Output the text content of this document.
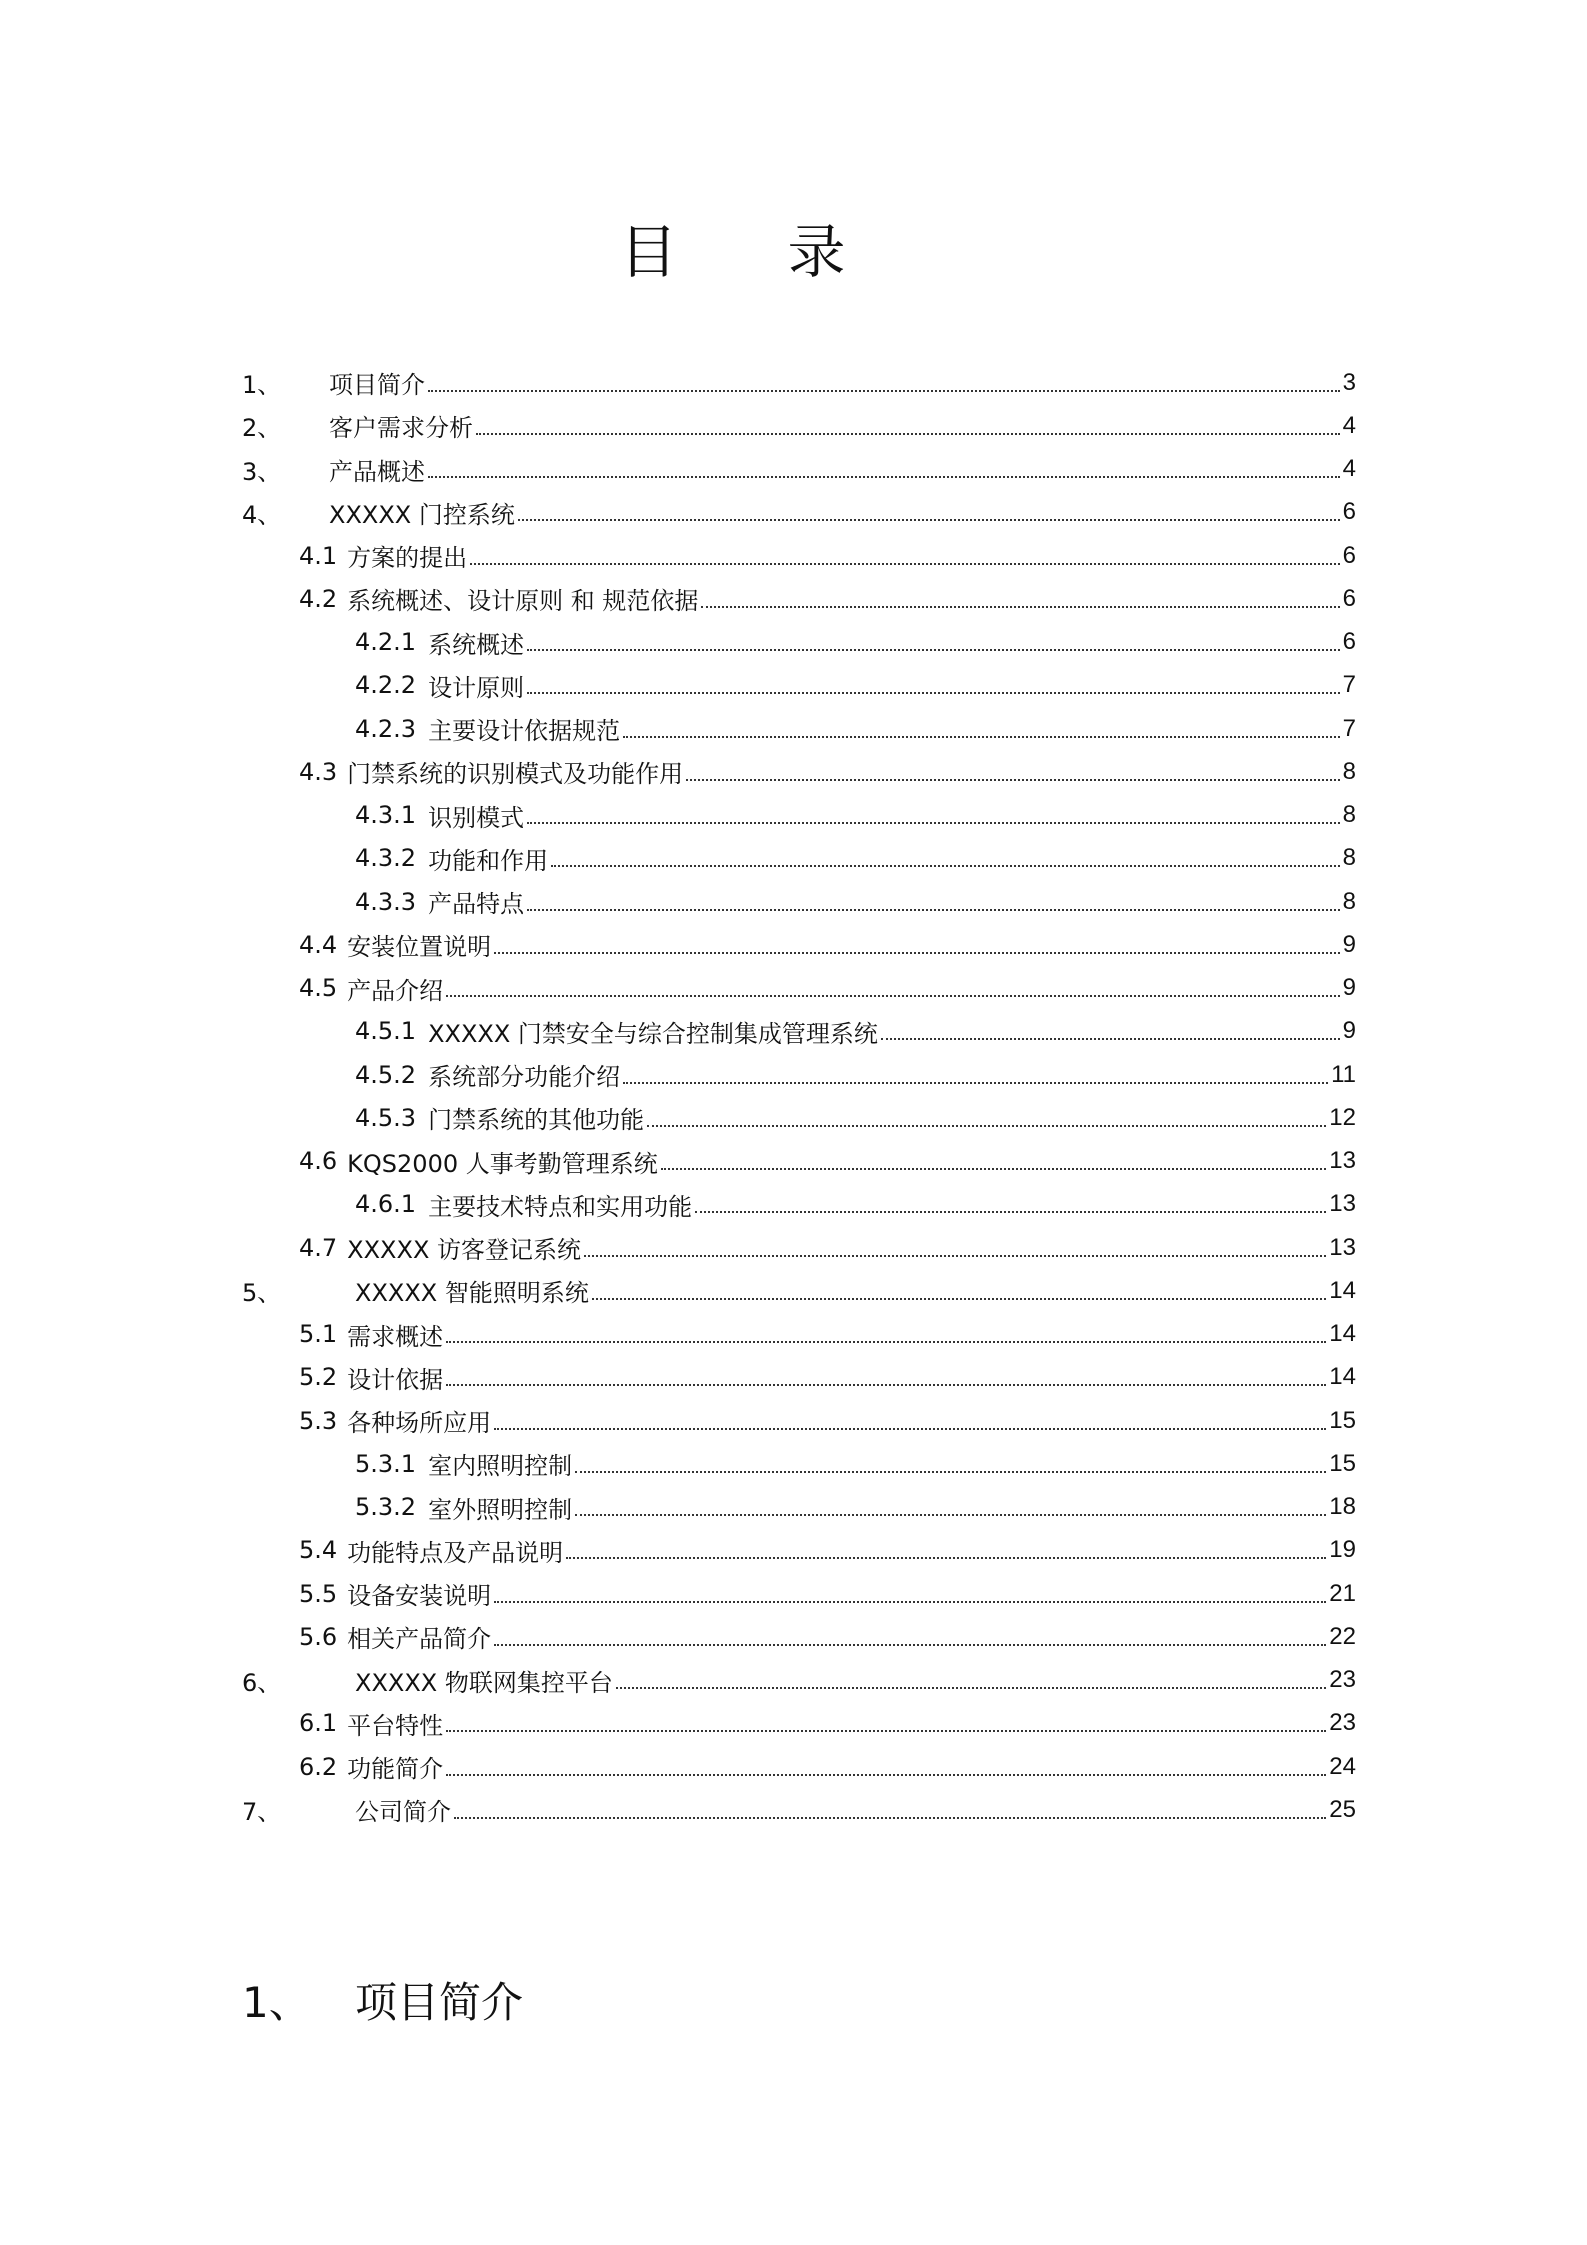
目 录
1、	项目简介	3
2、	客户需求分析	4
3、	产品概述	4
4、	XXXXX 门控系统	6
4.1 方案的提出	6
4.2 系统概述、设计原则 和 规范依据	6
4.2.1 系统概述	6
4.2.2 设计原则	7
4.2.3 主要设计依据规范	7
4.3 门禁系统的识别模式及功能作用	8
4.3.1 识别模式	8
4.3.2 功能和作用	8
4.3.3 产品特点	8
4.4 安装位置说明	9
4.5 产品介绍	9
4.5.1 XXXXX 门禁安全与综合控制集成管理系统	9
4.5.2 系统部分功能介绍	11
4.5.3 门禁系统的其他功能	12
4.6 KQS2000 人事考勤管理系统	13
4.6.1 主要技术特点和实用功能	13
4.7 XXXXX 访客登记系统	13
5、	XXXXX 智能照明系统	14
5.1 需求概述	14
5.2 设计依据	14
5.3 各种场所应用	15
5.3.1 室内照明控制	15
5.3.2 室外照明控制	18
5.4 功能特点及产品说明	19
5.5 设备安装说明	21
5.6 相关产品简介	22
6、	XXXXX 物联网集控平台	23
6.1 平台特性	23
6.2 功能简介	24
7、	公司简介	25
1、	项目简介
